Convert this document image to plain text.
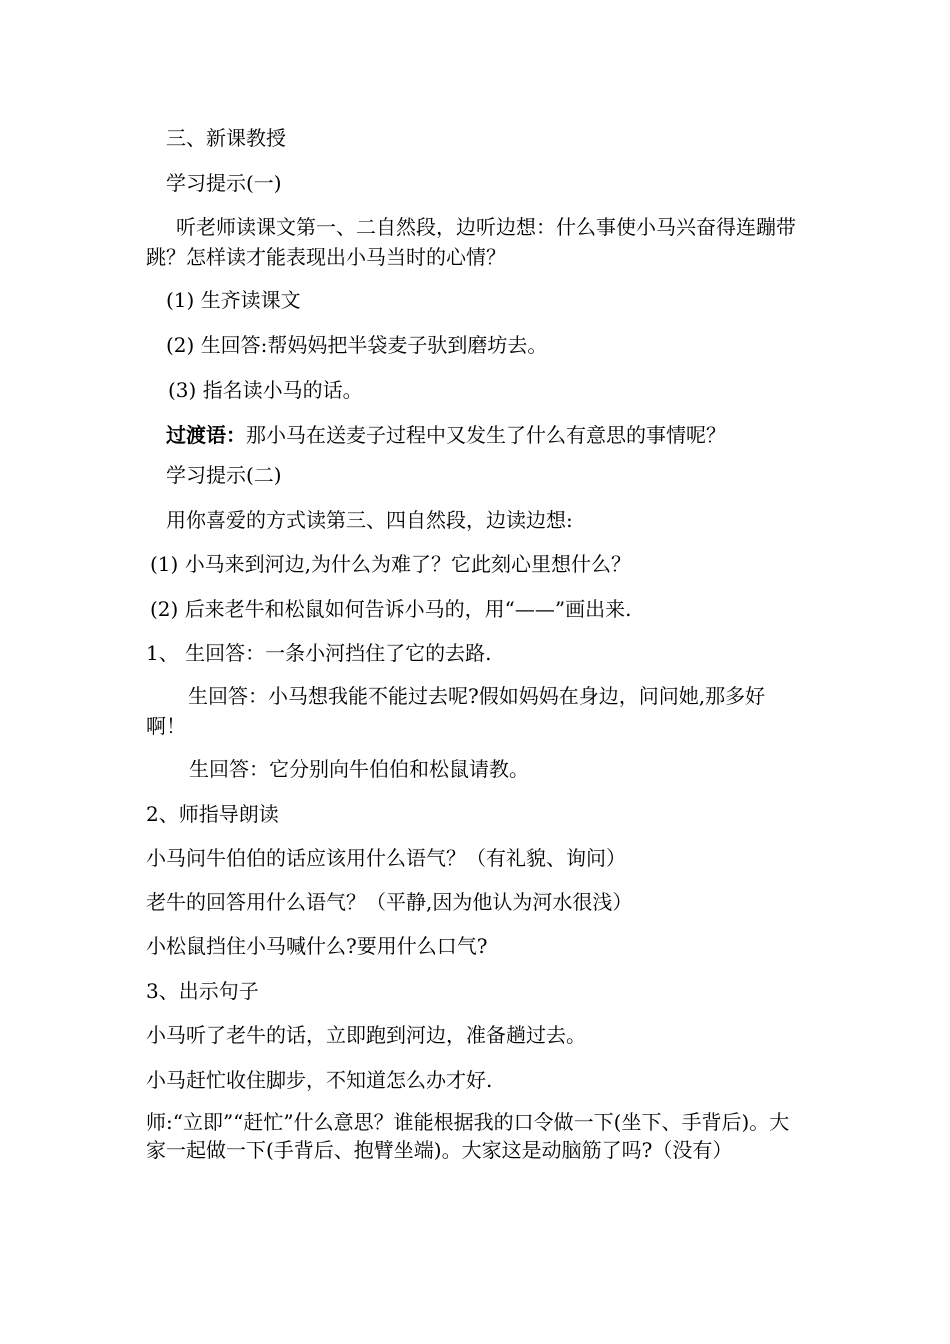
三、新课教授

学习提示(一)

听老师读课文第一、二自然段，边听边想：什么事使小马兴奋得连蹦带跳？怎样读才能表现出小马当时的心情？

(1) 生齐读课文

(2) 生回答:帮妈妈把半袋麦子驮到磨坊去。

(3) 指名读小马的话。

过渡语：那小马在送麦子过程中又发生了什么有意思的事情呢？

学习提示(二)

用你喜爱的方式读第三、四自然段，边读边想:

(1) 小马来到河边,为什么为难了？它此刻心里想什么？

(2) 后来老牛和松鼠如何告诉小马的，用“——”画出来.

1、 生回答：一条小河挡住了它的去路.

生回答：小马想我能不能过去呢?假如妈妈在身边，问问她,那多好啊！

生回答：它分别向牛伯伯和松鼠请教。

2、师指导朗读

小马问牛伯伯的话应该用什么语气？（有礼貌、询问）

老牛的回答用什么语气？（平静,因为他认为河水很浅）

小松鼠挡住小马喊什么?要用什么口气?

3、出示句子

小马听了老牛的话，立即跑到河边，准备趟过去。

小马赶忙收住脚步，不知道怎么办才好.

师:“立即”“赶忙”什么意思？谁能根据我的口令做一下(坐下、手背后)。大家一起做一下(手背后、抱臂坐端)。大家这是动脑筋了吗?（没有）
